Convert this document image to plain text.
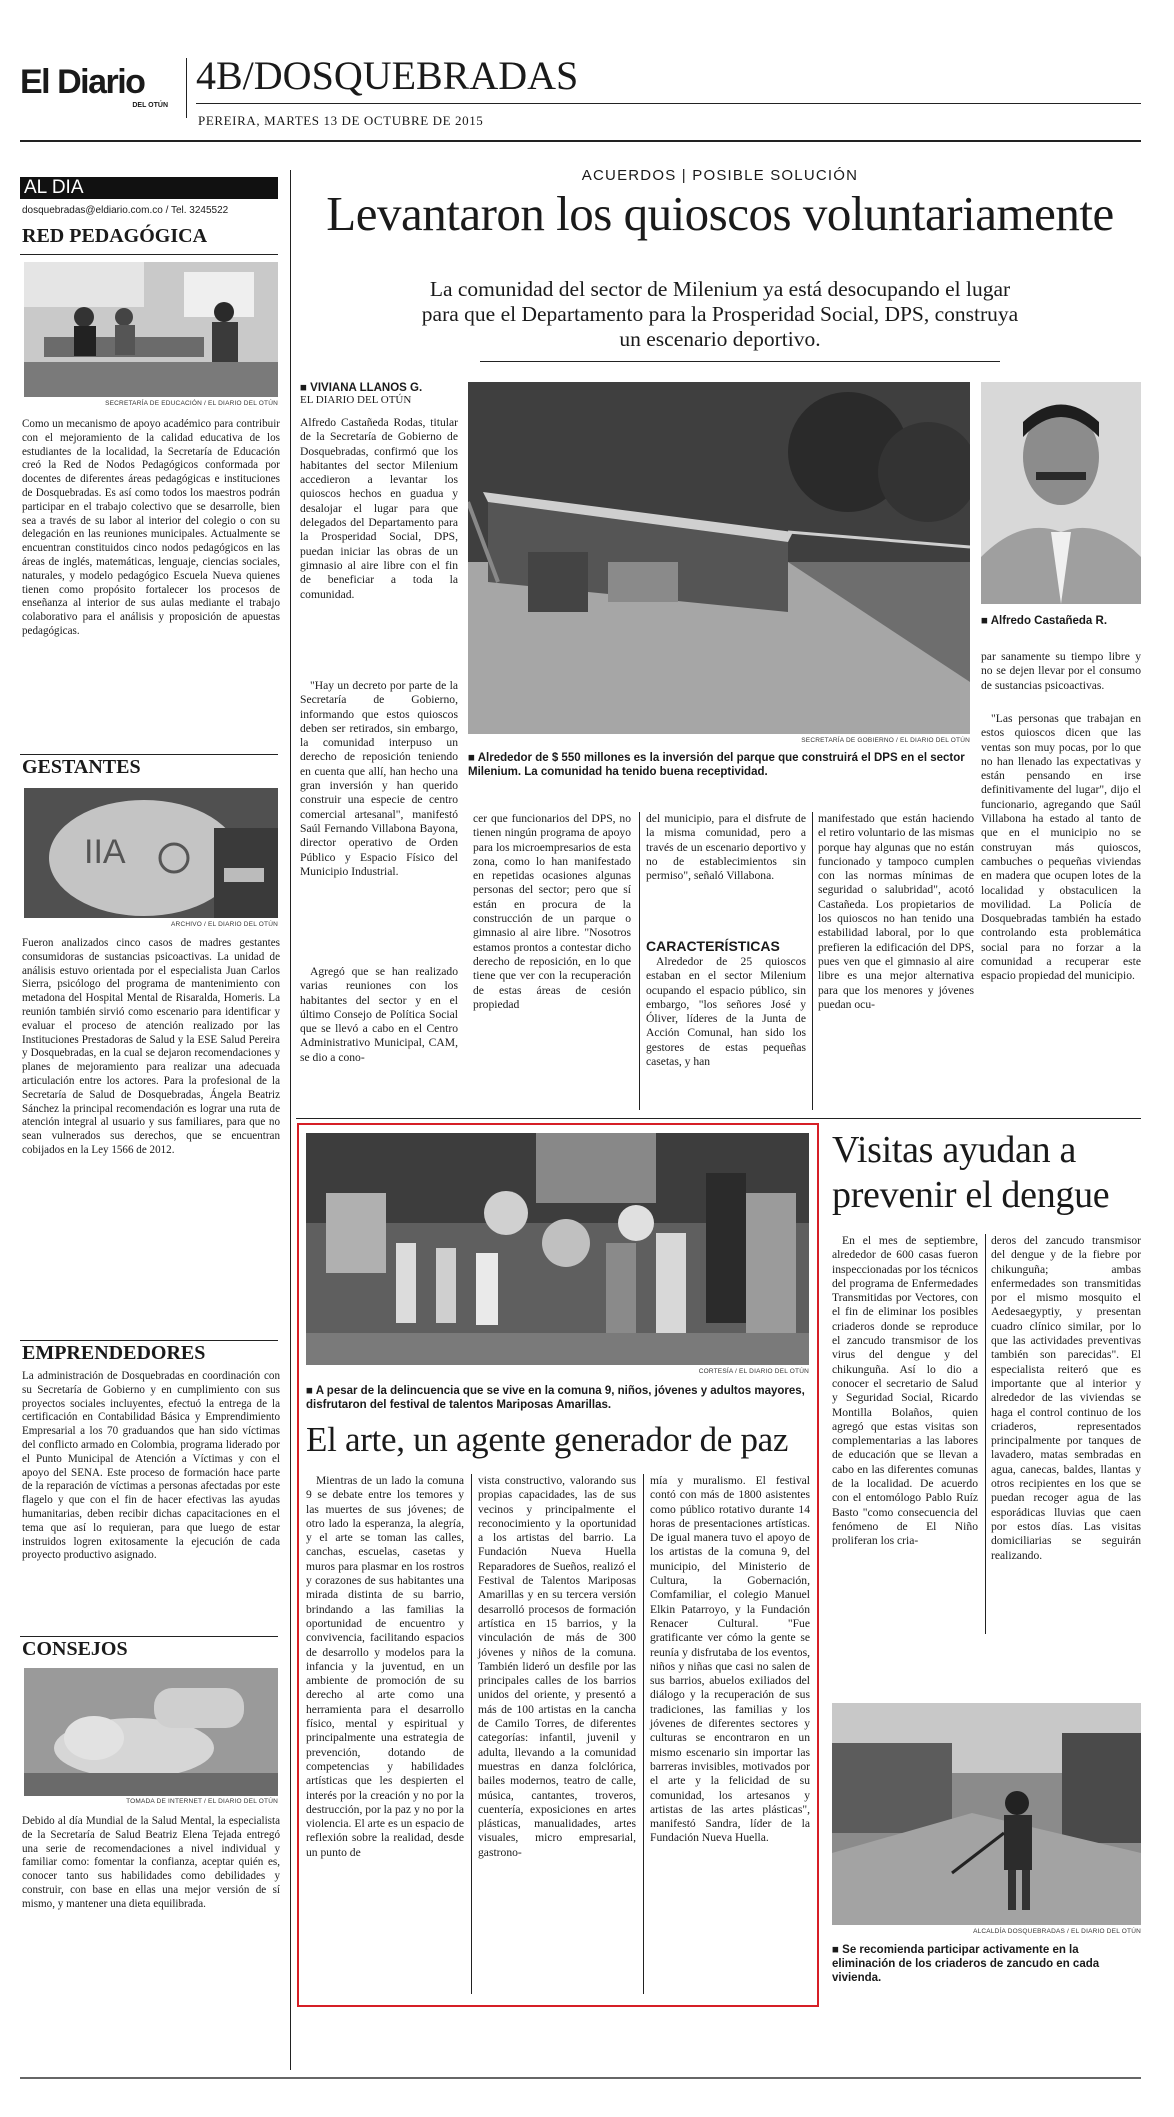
El Diario
DEL OTÚN
4B/DOSQUEBRADAS
PEREIRA, MARTES 13 DE OCTUBRE DE 2015
AL DIA
dosquebradas@eldiario.com.co / Tel. 3245522
RED PEDAGÓGICA
SECRETARÍA DE EDUCACIÓN / EL DIARIO DEL OTÚN
Como un mecanismo de apoyo académico para contribuir con el mejoramiento de la calidad educativa de los estudiantes de la localidad, la Secretaría de Educación creó la Red de Nodos Pedagógicos conformada por docentes de diferentes áreas pedagógicas e instituciones de Dosquebradas. Es así como todos los maestros podrán participar en el trabajo colectivo que se desarrolle, bien sea a través de su labor al interior del colegio o con su delegación en las reuniones municipales. Actualmente se encuentran constituidos cinco nodos pedagógicos en las áreas de inglés, matemáticas, lenguaje, ciencias sociales, naturales, y modelo pedagógico Escuela Nueva quienes tienen como propósito fortalecer los procesos de enseñanza al interior de sus aulas mediante el trabajo colaborativo para el análisis y proposición de apuestas pedagógicas.
GESTANTES
IIA
ARCHIVO / EL DIARIO DEL OTÚN
Fueron analizados cinco casos de madres gestantes consumidoras de sustancias psicoactivas. La unidad de análisis estuvo orientada por el especialista Juan Carlos Sierra, psicólogo del programa de mantenimiento con metadona del Hospital Mental de Risaralda, Homeris. La reunión también sirvió como escenario para identificar y evaluar el proceso de atención realizado por las Instituciones Prestadoras de Salud y la ESE Salud Pereira y Dosquebradas, en la cual se dejaron recomendaciones y planes de mejoramiento para realizar una adecuada articulación entre los actores. Para la profesional de la Secretaría de Salud de Dosquebradas, Ángela Beatriz Sánchez la principal recomendación es lograr una ruta de atención integral al usuario y sus familiares, para que no sean vulnerados sus derechos, que se encuentran cobijados en la Ley 1566 de 2012.
EMPRENDEDORES
La administración de Dosquebradas en coordinación con su Secretaría de Gobierno y en cumplimiento con sus proyectos sociales incluyentes, efectuó la entrega de la certificación en Contabilidad Básica y Emprendimiento Empresarial a los 70 graduandos que han sido víctimas del conflicto armado en Colombia, programa liderado por el Punto Municipal de Atención a Víctimas y con el apoyo del SENA. Este proceso de formación hace parte de la reparación de víctimas a personas afectadas por este flagelo y que con el fin de hacer efectivas las ayudas humanitarias, deben recibir dichas capacitaciones en el tema que así lo requieran, para que luego de estar instruidos logren exitosamente la ejecución de cada proyecto productivo asignado.
CONSEJOS
TOMADA DE INTERNET / EL DIARIO DEL OTÚN
Debido al día Mundial de la Salud Mental, la especialista de la Secretaría de Salud Beatriz Elena Tejada entregó una serie de recomendaciones a nivel individual y familiar como: fomentar la confianza, aceptar quién es, conocer tanto sus habilidades como debilidades y construir, con base en ellas una mejor versión de sí mismo, y mantener una dieta equilibrada.
ACUERDOS | POSIBLE SOLUCIÓN
Levantaron los quioscos voluntariamente
La comunidad del sector de Milenium ya está desocupando el lugar
para que el Departamento para la Prosperidad Social, DPS, construya
un escenario deportivo.
■ VIVIANA LLANOS G.
EL DIARIO DEL OTÚN
Alfredo Castañeda Rodas, titular de la Secretaría de Gobierno de Dosquebradas, confirmó que los habitantes del sector Milenium accedieron a levantar los quioscos hechos en guadua y desalojar el lugar para que delegados del Departamento para la Prosperidad Social, DPS, puedan iniciar las obras de un gimnasio al aire libre con el fin de beneficiar a toda la comunidad.
"Hay un decreto por parte de la Secretaría de Gobierno, informando que estos quioscos deben ser retirados, sin embargo, la comunidad interpuso un derecho de reposición teniendo en cuenta que allí, han hecho una gran inversión y han querido construir una especie de centro comercial artesanal", manifestó Saúl Fernando Villabona Bayona, director operativo de Orden Público y Espacio Físico del Municipio Industrial.
Agregó que se han realizado varias reuniones con los habitantes del sector y en el último Consejo de Política Social que se llevó a cabo en el Centro Administrativo Municipal, CAM, se dio a cono-
SECRETARÍA DE GOBIERNO / EL DIARIO DEL OTÚN
■ Alrededor de $ 550 millones es la inversión del parque que construirá el DPS en el sector Milenium. La comunidad ha tenido buena receptividad.
■ Alfredo Castañeda R.
par sanamente su tiempo libre y no se dejen llevar por el consumo de sustancias psicoactivas.
"Las personas que trabajan en estos quioscos dicen que las ventas son muy pocas, por lo que no han llenado las expectativas y están pensando en irse definitivamente del lugar", dijo el funcionario, agregando que Saúl Villabona ha estado al tanto de que en el municipio no se construyan más quioscos, cambuches o pequeñas viviendas en madera que ocupen lotes de la localidad y obstaculicen la movilidad. La Policía de Dosquebradas también ha estado controlando esta problemática social para no forzar a la comunidad a recuperar este espacio propiedad del municipio.
cer que funcionarios del DPS, no tienen ningún programa de apoyo para los microempresarios de esta zona, como lo han manifestado en repetidas ocasiones algunas personas del sector; pero que sí están en procura de la construcción de un parque o gimnasio al aire libre. "Nosotros estamos prontos a contestar dicho derecho de reposición, en lo que tiene que ver con la recuperación de estas áreas de cesión propiedad
del municipio, para el disfrute de la misma comunidad, pero a través de un escenario deportivo y no de establecimientos sin permiso", señaló Villabona.
CARACTERÍSTICAS
Alrededor de 25 quioscos estaban en el sector Milenium ocupando el espacio público, sin embargo, "los señores José y Óliver, líderes de la Junta de Acción Comunal, han sido los gestores de estas pequeñas casetas, y han
manifestado que están haciendo el retiro voluntario de las mismas porque hay algunas que no están funcionado y tampoco cumplen con las normas mínimas de seguridad o salubridad", acotó Castañeda. Los propietarios de los quioscos no han tenido una estabilidad laboral, por lo que prefieren la edificación del DPS, pues ven que el gimnasio al aire libre es una mejor alternativa para que los menores y jóvenes puedan ocu-
CORTESÍA / EL DIARIO DEL OTÚN
■ A pesar de la delincuencia que se vive en la comuna 9, niños, jóvenes y adultos mayores, disfrutaron del festival de talentos Mariposas Amarillas.
El arte, un agente generador de paz
Mientras de un lado la comuna 9 se debate entre los temores y las muertes de sus jóvenes; de otro lado la esperanza, la alegría, y el arte se toman las calles, canchas, escuelas, casetas y muros para plasmar en los rostros y corazones de sus habitantes una mirada distinta de su barrio, brindando a las familias la oportunidad de encuentro y convivencia, facilitando espacios de desarrollo y modelos para la infancia y la juventud, en un ambiente de promoción de su derecho al arte como una herramienta para el desarrollo físico, mental y espiritual y principalmente una estrategia de prevención, dotando de competencias y habilidades artísticas que les despierten el interés por la creación y no por la destrucción, por la paz y no por la violencia. El arte es un espacio de reflexión sobre la realidad, desde un punto de
vista constructivo, valorando sus propias capacidades, las de sus vecinos y principalmente el reconocimiento y la oportunidad a los artistas del barrio. La Fundación Nueva Huella Reparadores de Sueños, realizó el Festival de Talentos Mariposas Amarillas y en su tercera versión desarrolló procesos de formación artística en 15 barrios, y la vinculación de más de 300 jóvenes y niños de la comuna. También lideró un desfile por las principales calles de los barrios unidos del oriente, y presentó a más de 100 artistas en la cancha de Camilo Torres, de diferentes categorías: infantil, juvenil y adulta, llevando a la comunidad muestras en danza folclórica, bailes modernos, teatro de calle, música, cantantes, troveros, cuentería, exposiciones en artes plásticas, manualidades, artes visuales, micro empresarial, gastrono-
mía y muralismo. El festival contó con más de 1800 asistentes como público rotativo durante 14 horas de presentaciones artísticas. De igual manera tuvo el apoyo de los artistas de la comuna 9, del municipio, del Ministerio de Cultura, la Gobernación, Comfamiliar, el colegio Manuel Elkin Patarroyo, y la Fundación Renacer Cultural. "Fue gratificante ver cómo la gente se reunía y disfrutaba de los eventos, niños y niñas que casi no salen de sus barrios, abuelos exiliados del diálogo y la recuperación de sus tradiciones, las familias y los jóvenes de diferentes sectores y culturas se encontraron en un mismo escenario sin importar las barreras invisibles, motivados por el arte y la felicidad de su comunidad, los artesanos y artistas de las artes plásticas", manifestó Sandra, líder de la Fundación Nueva Huella.
Visitas ayudan a
prevenir el dengue
En el mes de septiembre, alrededor de 600 casas fueron inspeccionadas por los técnicos del programa de Enfermedades Transmitidas por Vectores, con el fin de eliminar los posibles criaderos donde se reproduce el zancudo transmisor de los virus del dengue y del chikunguña. Así lo dio a conocer el secretario de Salud y Seguridad Social, Ricardo Montilla Bolaños, quien agregó que estas visitas son complementarias a las labores de educación que se llevan a cabo en las diferentes comunas de la localidad. De acuerdo con el entomólogo Pablo Ruíz Basto "como consecuencia del fenómeno de El Niño proliferan los cria-
deros del zancudo transmisor del dengue y de la fiebre por chikunguña; ambas enfermedades son transmitidas por el mismo mosquito el Aedesaegyptiy, y presentan cuadro clínico similar, por lo que las actividades preventivas también son parecidas". El especialista reiteró que es importante que al interior y alrededor de las viviendas se haga el control continuo de los criaderos, representados principalmente por tanques de lavadero, matas sembradas en agua, canecas, baldes, llantas y otros recipientes en los que se puedan recoger agua de las esporádicas lluvias que caen por estos días. Las visitas domiciliarias se seguirán realizando.
ALCALDÍA DOSQUEBRADAS / EL DIARIO DEL OTÚN
■ Se recomienda participar activamente en la eliminación de los criaderos de zancudo en cada vivienda.
